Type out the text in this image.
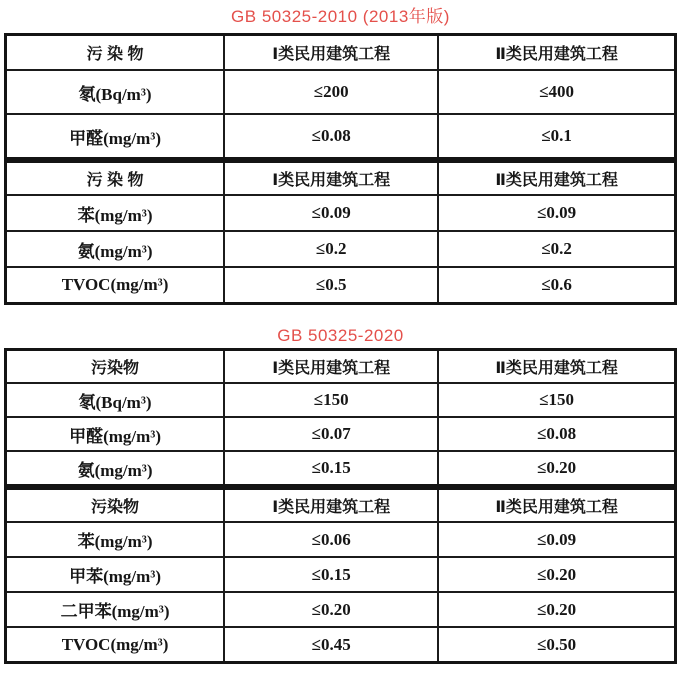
GB 50325-2010 (2013年版)
污 染 物	Ⅰ类民用建筑工程	Ⅱ类民用建筑工程
氡(Bq/m³)	≤200	≤400
甲醛(mg/m³)	≤0.08	≤0.1
污 染 物	Ⅰ类民用建筑工程	Ⅱ类民用建筑工程
苯(mg/m³)	≤0.09	≤0.09
氨(mg/m³)	≤0.2	≤0.2
TVOC(mg/m³)	≤0.5	≤0.6
GB 50325-2020
污染物	Ⅰ类民用建筑工程	Ⅱ类民用建筑工程
氡(Bq/m³)	≤150	≤150
甲醛(mg/m³)	≤0.07	≤0.08
氨(mg/m³)	≤0.15	≤0.20
污染物	Ⅰ类民用建筑工程	Ⅱ类民用建筑工程
苯(mg/m³)	≤0.06	≤0.09
甲苯(mg/m³)	≤0.15	≤0.20
二甲苯(mg/m³)	≤0.20	≤0.20
TVOC(mg/m³)	≤0.45	≤0.50
